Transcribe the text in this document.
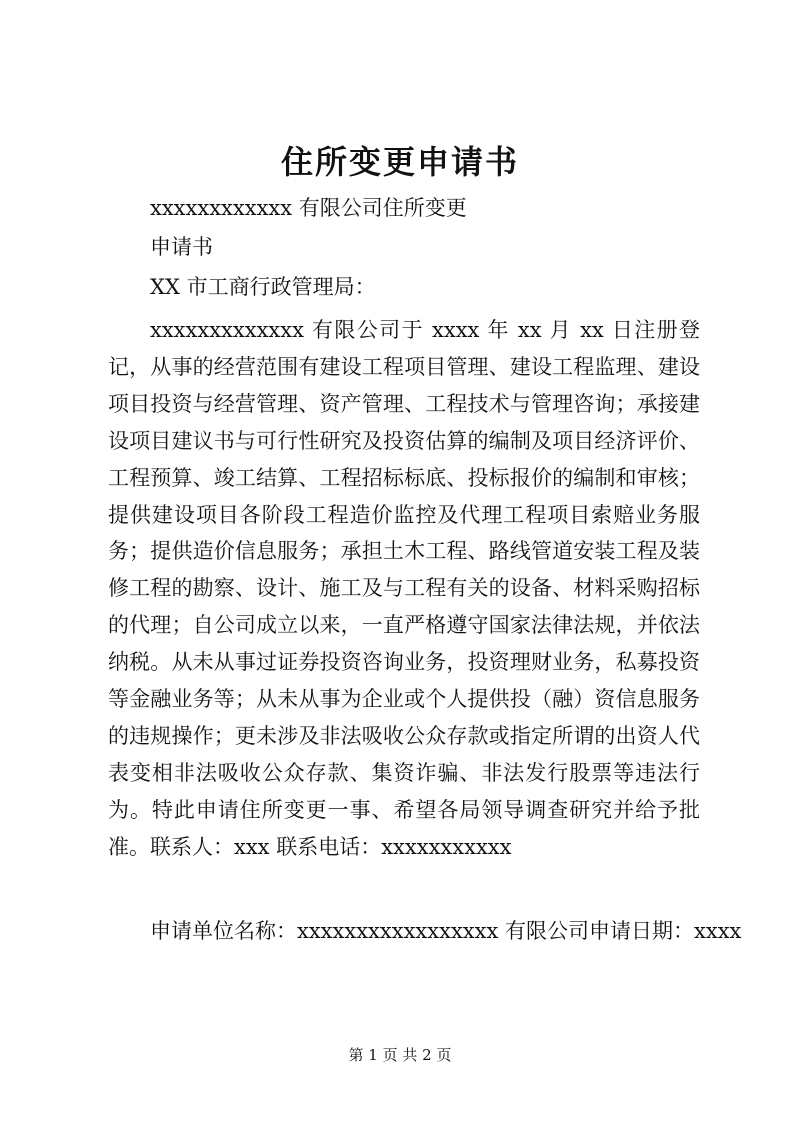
住所变更申请书
xxxxxxxxxxxx 有限公司住所变更
申请书
XX 市工商行政管理局：
xxxxxxxxxxxxx 有限公司于 xxxx 年 xx 月 xx 日注册登记，从事的经营范围有建设工程项目管理、建设工程监理、建设项目投资与经营管理、资产管理、工程技术与管理咨询；承接建设项目建议书与可行性研究及投资估算的编制及项目经济评价、工程预算、竣工结算、工程招标标底、投标报价的编制和审核；提供建设项目各阶段工程造价监控及代理工程项目索赔业务服务；提供造价信息服务；承担土木工程、路线管道安装工程及装修工程的勘察、设计、施工及与工程有关的设备、材料采购招标的代理；自公司成立以来，一直严格遵守国家法律法规，并依法纳税。从未从事过证券投资咨询业务，投资理财业务，私募投资等金融业务等；从未从事为企业或个人提供投（融）资信息服务的违规操作；更未涉及非法吸收公众存款或指定所谓的出资人代表变相非法吸收公众存款、集资诈骗、非法发行股票等违法行为。特此申请住所变更一事、希望各局领导调查研究并给予批准。联系人：xxx 联系电话：xxxxxxxxxxx
申请单位名称：xxxxxxxxxxxxxxxxx 有限公司申请日期：xxxx
第 1 页 共 2 页
